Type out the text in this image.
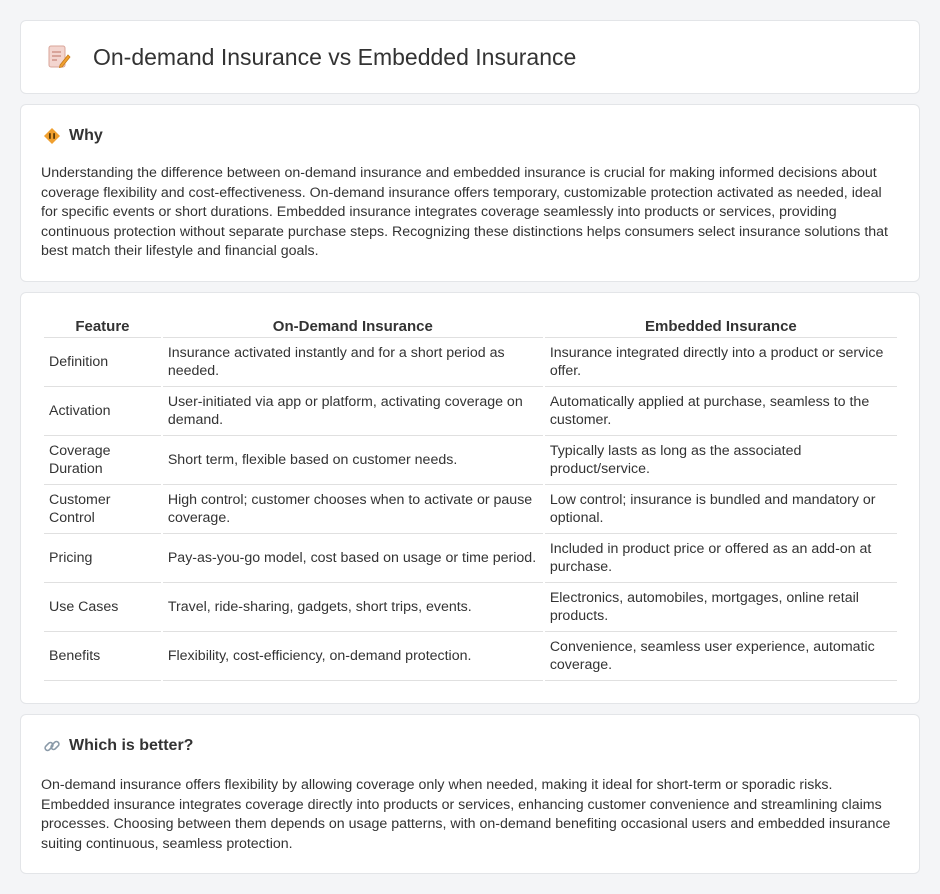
On-demand Insurance vs Embedded Insurance
Why

Understanding the difference between on-demand insurance and embedded insurance is crucial for making informed decisions about coverage flexibility and cost-effectiveness. On-demand insurance offers temporary, customizable protection activated as needed, ideal for specific events or short durations. Embedded insurance integrates coverage seamlessly into products or services, providing continuous protection without separate purchase steps. Recognizing these distinctions helps consumers select insurance solutions that best match their lifestyle and financial goals.

Feature	On-Demand Insurance	Embedded Insurance
Definition	Insurance activated instantly and for a short period as needed.	Insurance integrated directly into a product or service offer.
Activation	User-initiated via app or platform, activating coverage on demand.	Automatically applied at purchase, seamless to the customer.
Coverage Duration	Short term, flexible based on customer needs.	Typically lasts as long as the associated product/service.
Customer Control	High control; customer chooses when to activate or pause coverage.	Low control; insurance is bundled and mandatory or optional.
Pricing	Pay-as-you-go model, cost based on usage or time period.	Included in product price or offered as an add-on at purchase.
Use Cases	Travel, ride-sharing, gadgets, short trips, events.	Electronics, automobiles, mortgages, online retail products.
Benefits	Flexibility, cost-efficiency, on-demand protection.	Convenience, seamless user experience, automatic coverage.
Which is better?

On-demand insurance offers flexibility by allowing coverage only when needed, making it ideal for short-term or sporadic risks. Embedded insurance integrates coverage directly into products or services, enhancing customer convenience and streamlining claims processes. Choosing between them depends on usage patterns, with on-demand benefiting occasional users and embedded insurance suiting continuous, seamless protection.
